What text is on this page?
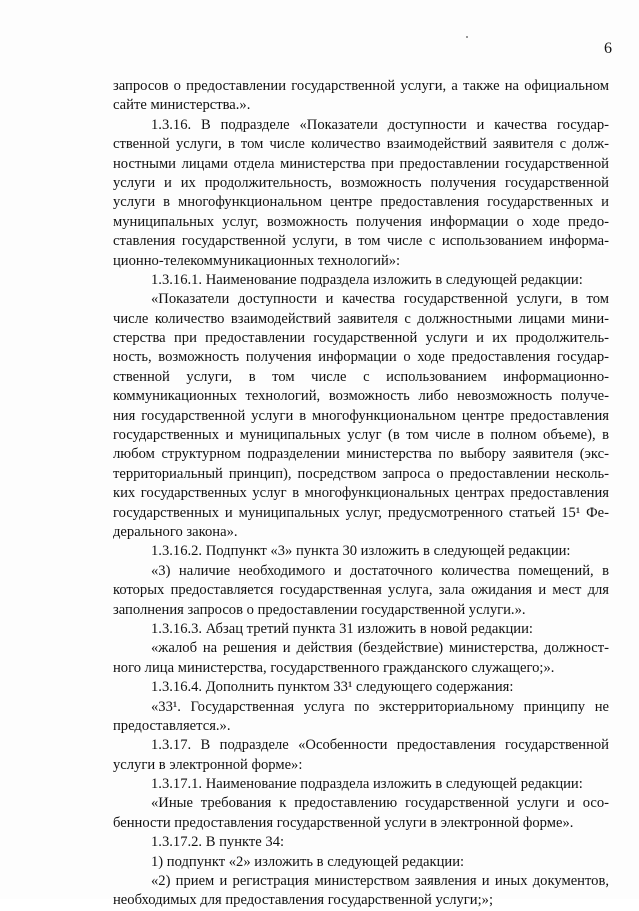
6
запросов о предоставлении государственной услуги, а также на официальном
сайте министерства.».
1.3.16. В подразделе «Показатели доступности и качества государ-
ственной услуги, в том числе количество взаимодействий заявителя с долж-
ностными лицами отдела министерства при предоставлении государственной
услуги и их продолжительность, возможность получения государственной
услуги в многофункциональном центре предоставления государственных и
муниципальных услуг, возможность получения информации о ходе предо-
ставления государственной услуги, в том числе с использованием информа-
ционно-телекоммуникационных технологий»:
1.3.16.1. Наименование подраздела изложить в следующей редакции:
«Показатели доступности и качества государственной услуги, в том
числе количество взаимодействий заявителя с должностными лицами мини-
стерства при предоставлении государственной услуги и их продолжитель-
ность, возможность получения информации о ходе предоставления государ-
ственной услуги, в том числе с использованием информационно-
коммуникационных технологий, возможность либо невозможность получе-
ния государственной услуги в многофункциональном центре предоставления
государственных и муниципальных услуг (в том числе в полном объеме), в
любом структурном подразделении министерства по выбору заявителя (экс-
территориальный принцип), посредством запроса о предоставлении несколь-
ких государственных услуг в многофункциональных центрах предоставления
государственных и муниципальных услуг, предусмотренного статьей 15¹ Фе-
дерального закона».
1.3.16.2. Подпункт «3» пункта 30 изложить в следующей редакции:
«3) наличие необходимого и достаточного количества помещений, в
которых предоставляется государственная услуга, зала ожидания и мест для
заполнения запросов о предоставлении государственной услуги.».
1.3.16.3. Абзац третий пункта 31 изложить в новой редакции:
«жалоб на решения и действия (бездействие) министерства, должност-
ного лица министерства, государственного гражданского служащего;».
1.3.16.4. Дополнить пунктом 33¹ следующего содержания:
«33¹. Государственная услуга по экстерриториальному принципу не
предоставляется.».
1.3.17. В подразделе «Особенности предоставления государственной
услуги в электронной форме»:
1.3.17.1. Наименование подраздела изложить в следующей редакции:
«Иные требования к предоставлению государственной услуги и осо-
бенности предоставления государственной услуги в электронной форме».
1.3.17.2. В пункте 34:
1) подпункт «2» изложить в следующей редакции:
«2) прием и регистрация министерством заявления и иных документов,
необходимых для предоставления государственной услуги;»;
